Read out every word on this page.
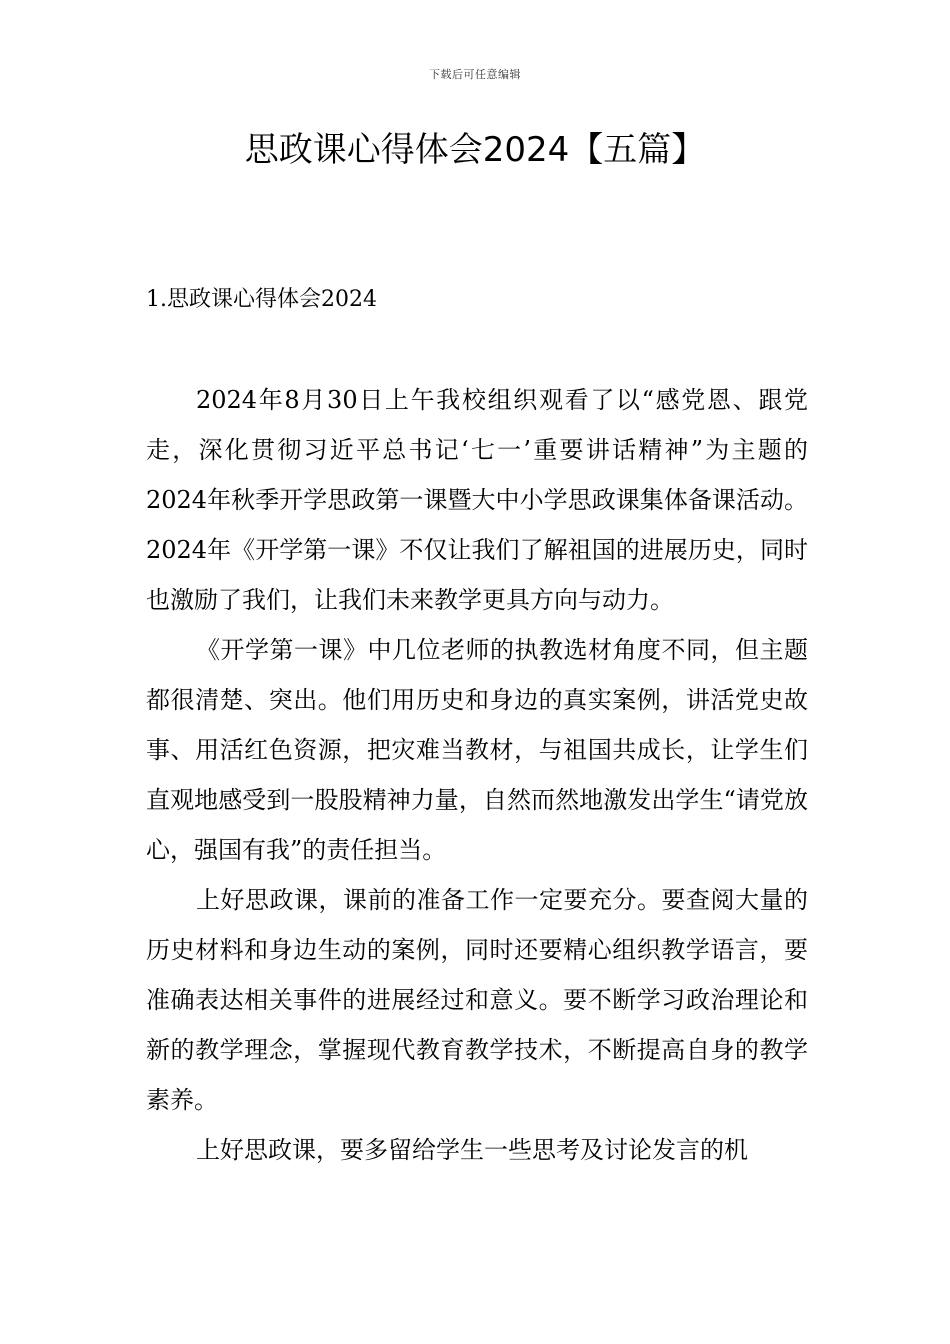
下载后可任意编辑
思政课心得体会2024【五篇】
1.思政课心得体会2024

2024年8月30日上午我校组织观看了以“感党恩、跟党走，深化贯彻习近平总书记‘七一’重要讲话精神”为主题的2024年秋季开学思政第一课暨大中小学思政课集体备课活动。2024年《开学第一课》不仅让我们了解祖国的进展历史，同时也激励了我们，让我们未来教学更具方向与动力。

《开学第一课》中几位老师的执教选材角度不同，但主题都很清楚、突出。他们用历史和身边的真实案例，讲活党史故事、用活红色资源，把灾难当教材，与祖国共成长，让学生们直观地感受到一股股精神力量，自然而然地激发出学生“请党放心，强国有我”的责任担当。

上好思政课，课前的准备工作一定要充分。要查阅大量的历史材料和身边生动的案例，同时还要精心组织教学语言，要准确表达相关事件的进展经过和意义。要不断学习政治理论和新的教学理念，掌握现代教育教学技术，不断提高自身的教学素养。

上好思政课，要多留给学生一些思考及讨论发言的机
